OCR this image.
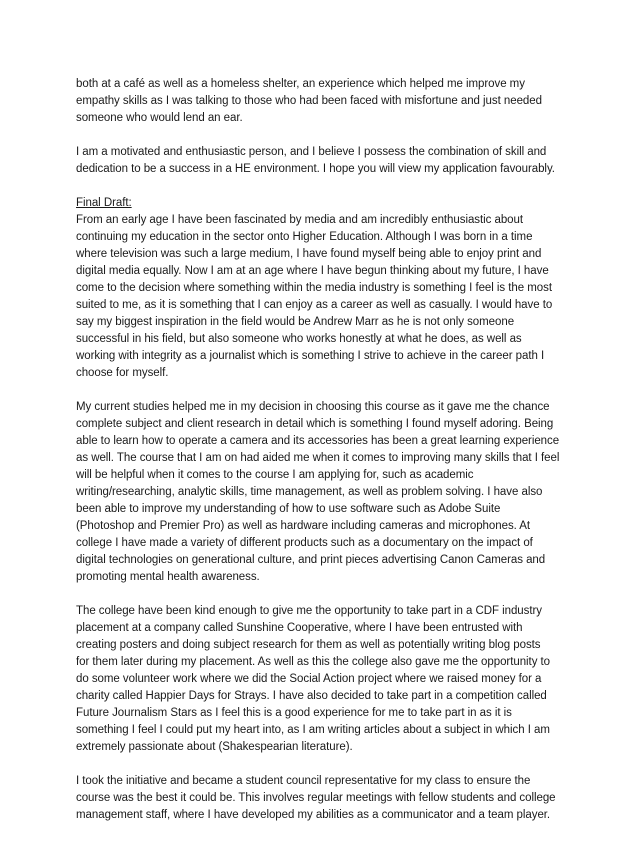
both at a café as well as a homeless shelter, an experience which helped me improve my
empathy skills as I was talking to those who had been faced with misfortune and just needed
someone who would lend an ear.
I am a motivated and enthusiastic person, and I believe I possess the combination of skill and
dedication to be a success in a HE environment. I hope you will view my application favourably.
Final Draft:
From an early age I have been fascinated by media and am incredibly enthusiastic about
continuing my education in the sector onto Higher Education. Although I was born in a time
where television was such a large medium, I have found myself being able to enjoy print and
digital media equally. Now I am at an age where I have begun thinking about my future, I have
come to the decision where something within the media industry is something I feel is the most
suited to me, as it is something that I can enjoy as a career as well as casually. I would have to
say my biggest inspiration in the field would be Andrew Marr as he is not only someone
successful in his field, but also someone who works honestly at what he does, as well as
working with integrity as a journalist which is something I strive to achieve in the career path I
choose for myself.
My current studies helped me in my decision in choosing this course as it gave me the chance
complete subject and client research in detail which is something I found myself adoring. Being
able to learn how to operate a camera and its accessories has been a great learning experience
as well. The course that I am on had aided me when it comes to improving many skills that I feel
will be helpful when it comes to the course I am applying for, such as academic
writing/researching, analytic skills, time management, as well as problem solving. I have also
been able to improve my understanding of how to use software such as Adobe Suite
(Photoshop and Premier Pro) as well as hardware including cameras and microphones. At
college I have made a variety of different products such as a documentary on the impact of
digital technologies on generational culture, and print pieces advertising Canon Cameras and
promoting mental health awareness.
The college have been kind enough to give me the opportunity to take part in a CDF industry
placement at a company called Sunshine Cooperative, where I have been entrusted with
creating posters and doing subject research for them as well as potentially writing blog posts
for them later during my placement. As well as this the college also gave me the opportunity to
do some volunteer work where we did the Social Action project where we raised money for a
charity called Happier Days for Strays. I have also decided to take part in a competition called
Future Journalism Stars as I feel this is a good experience for me to take part in as it is
something I feel I could put my heart into, as I am writing articles about a subject in which I am
extremely passionate about (Shakespearian literature).
I took the initiative and became a student council representative for my class to ensure the
course was the best it could be. This involves regular meetings with fellow students and college
management staff, where I have developed my abilities as a communicator and a team player.
